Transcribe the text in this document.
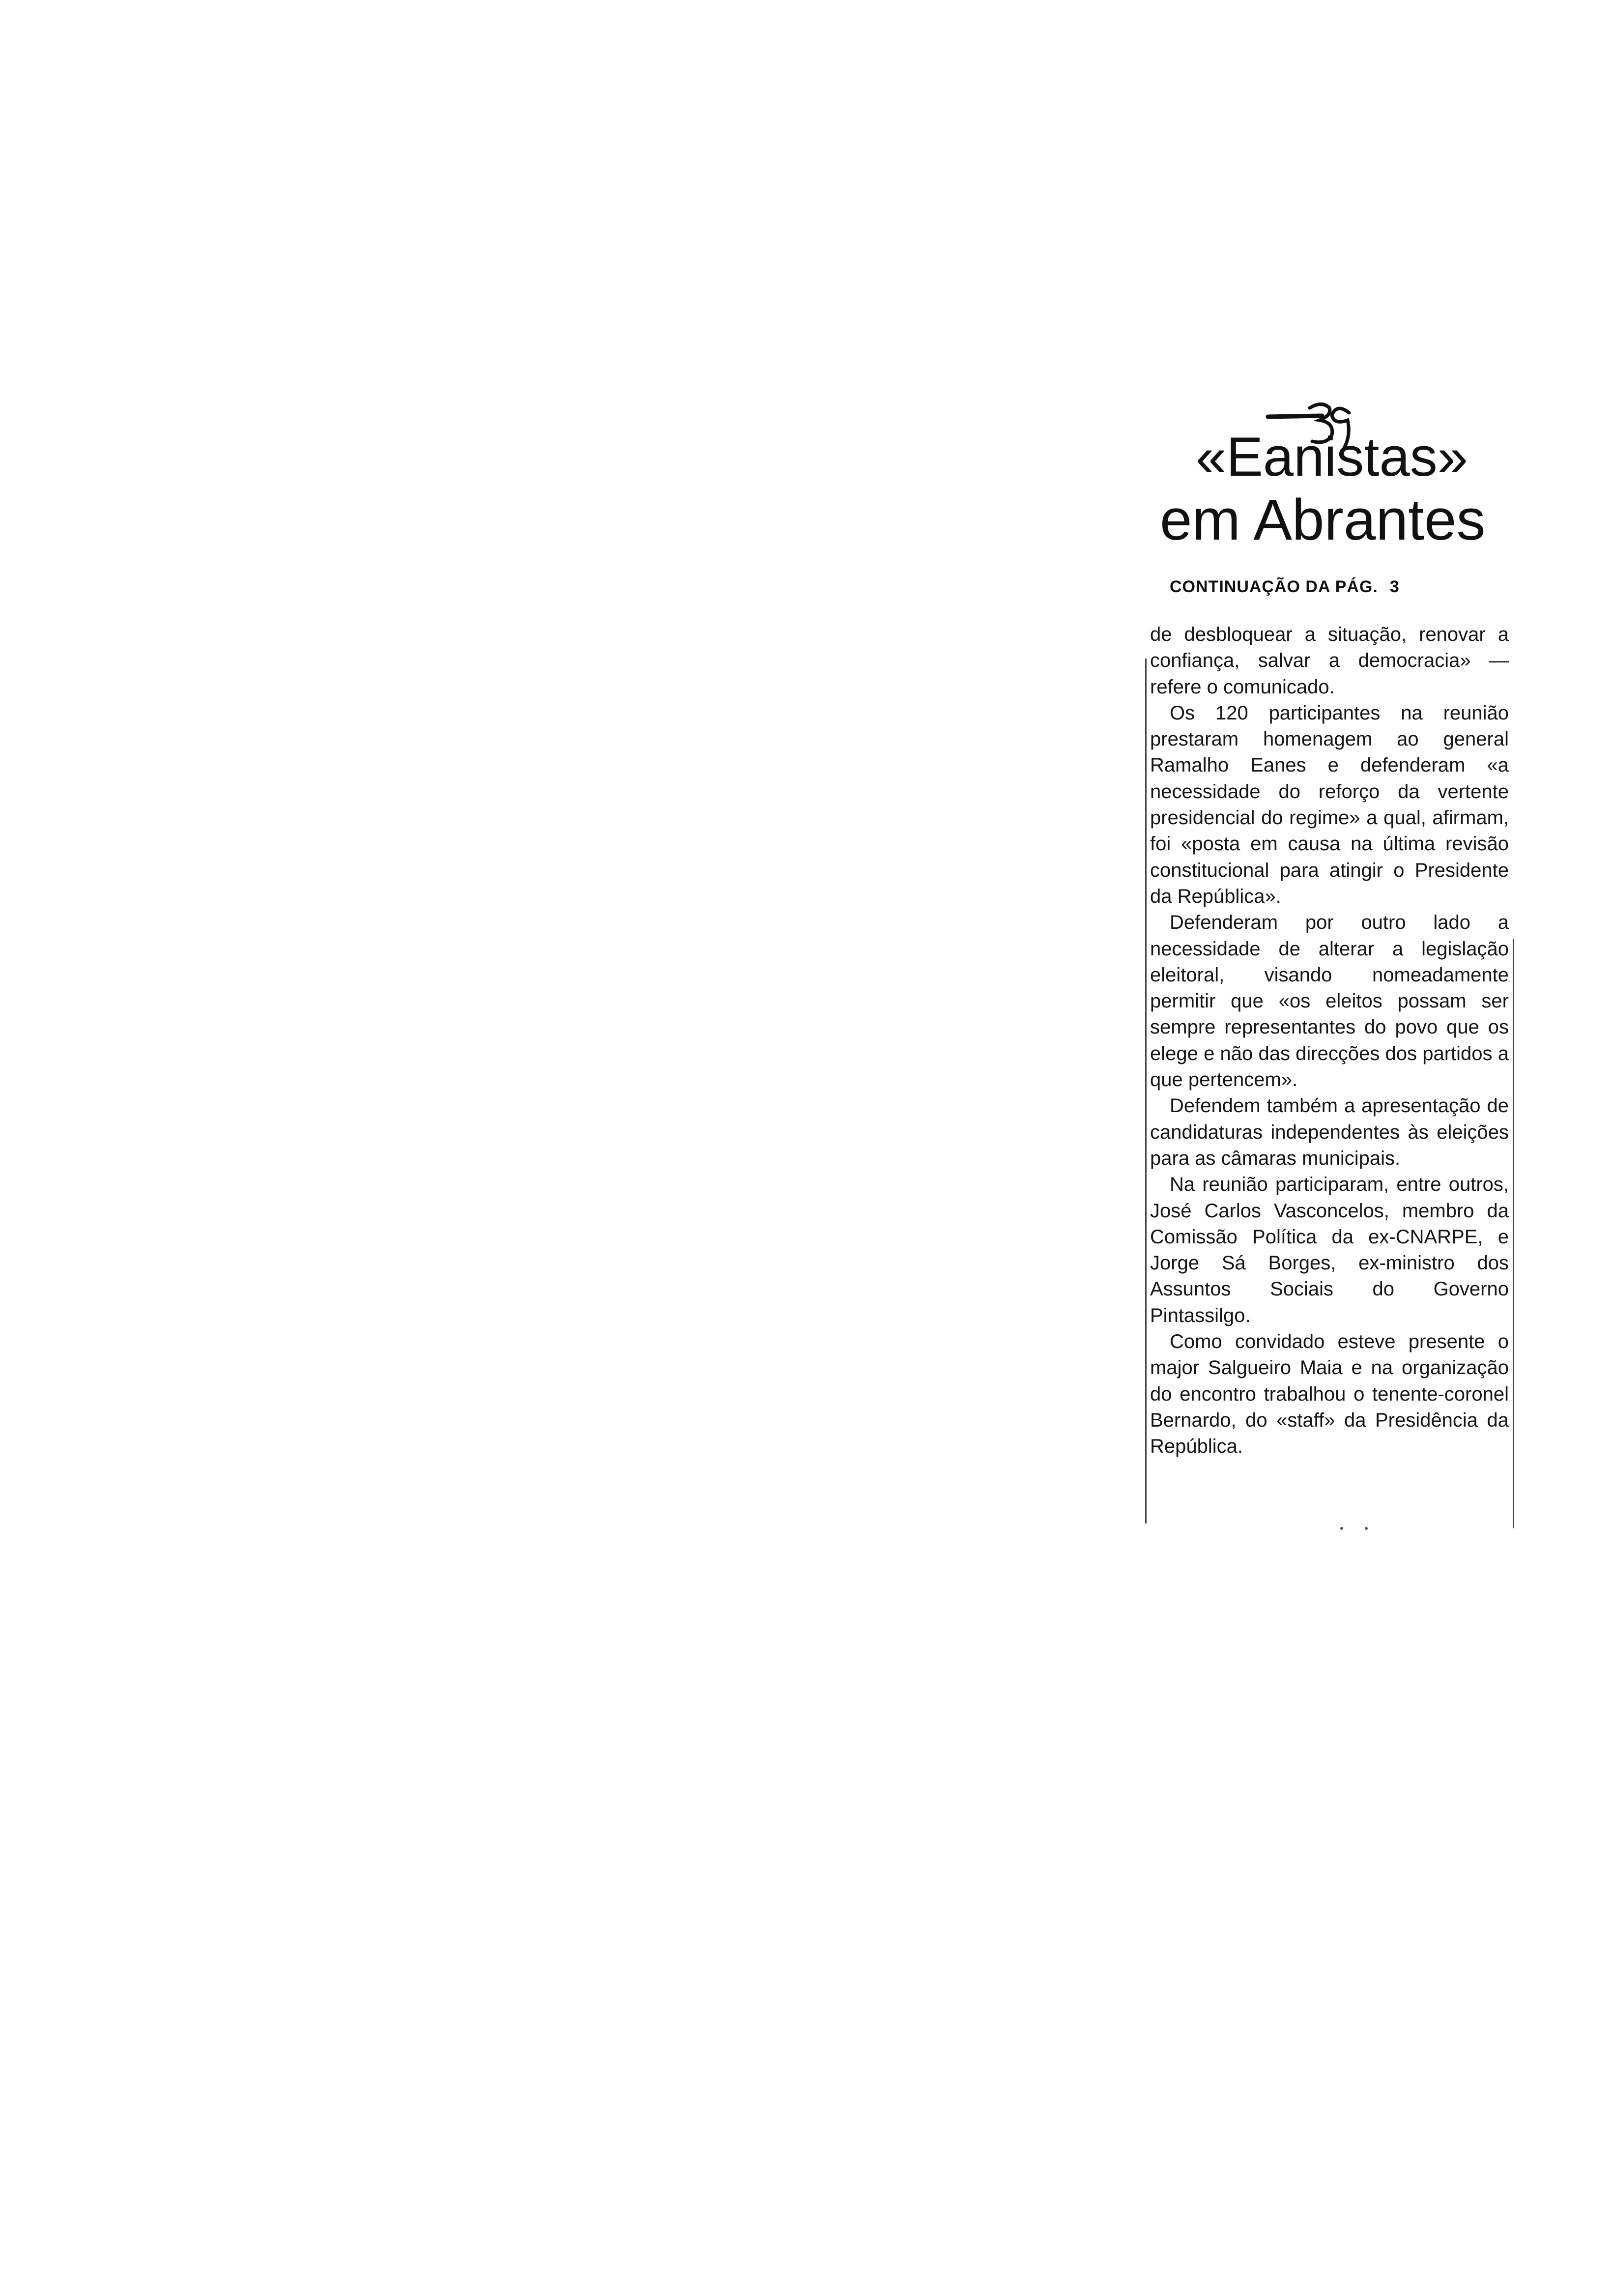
«Eanistas»
em Abrantes
CONTINUAÇÃO DA PÁG. 3

de desbloquear a situação, renovar a confiança, salvar a democracia» — refere o comunicado.

Os 120 participantes na reunião prestaram homenagem ao general Ramalho Eanes e defenderam «a necessidade do reforço da vertente presidencial do regime» a qual, afirmam, foi «posta em causa na última revisão constitucional para atingir o Presidente da República».

Defenderam por outro lado a necessidade de alterar a legislação eleitoral, visando nomeadamente permitir que «os eleitos possam ser sempre representantes do povo que os elege e não das direcções dos partidos a que pertencem».

Defendem também a apresentação de candidaturas independentes às eleições para as câmaras municipais.

Na reunião participaram, entre outros, José Carlos Vasconcelos, membro da Comissão Política da ex-CNARPE, e Jorge Sá Borges, ex-ministro dos Assuntos Sociais do Governo Pintassilgo.

Como convidado esteve presente o major Salgueiro Maia e na organização do encontro trabalhou o tenente-coronel Bernardo, do «staff» da Presidência da República.
